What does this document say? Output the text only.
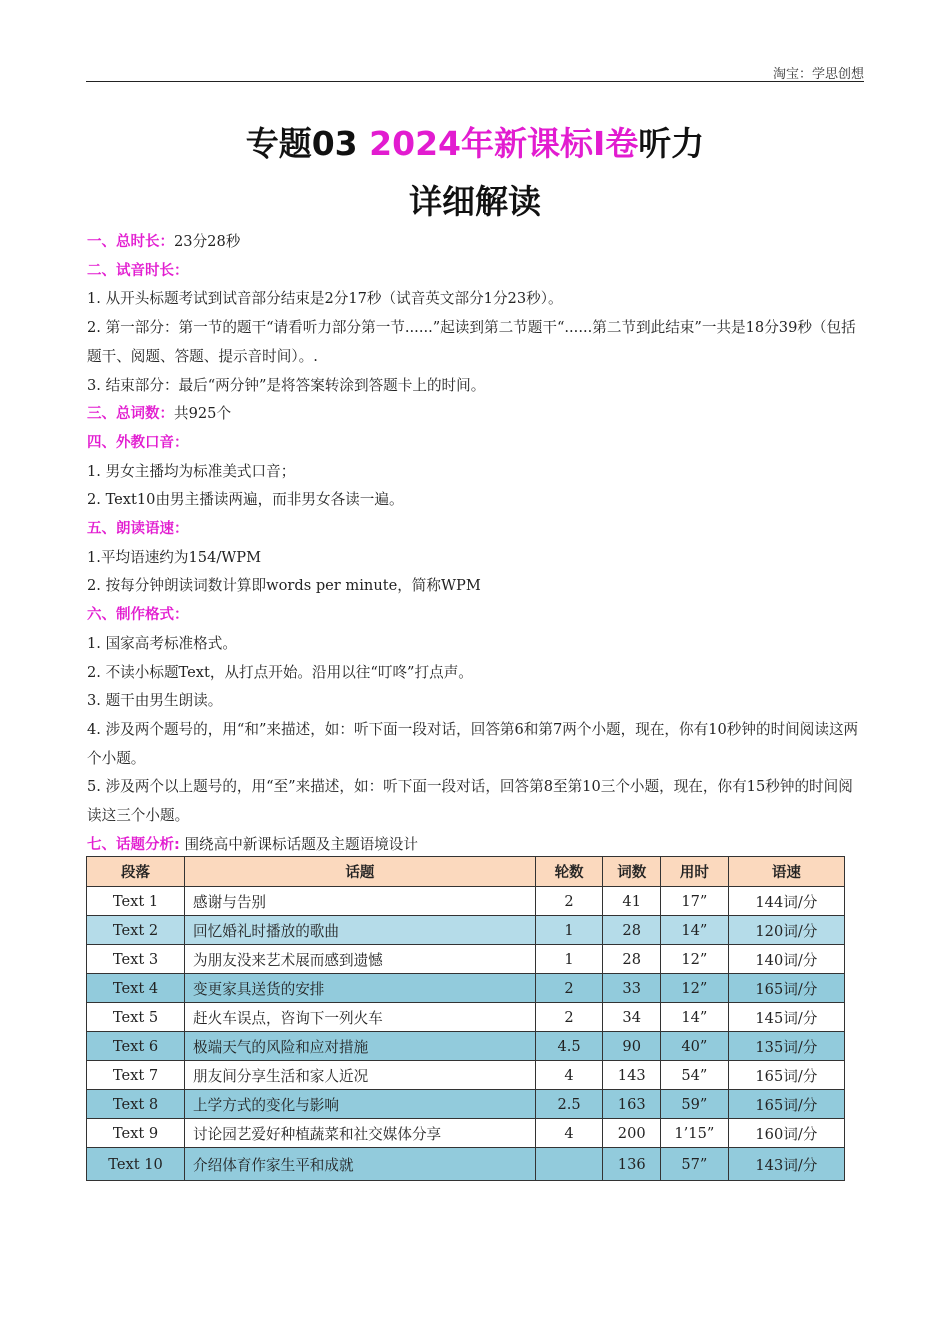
淘宝：学思创想
专题03 2024年新课标I卷听力
详细解读

一、总时长：23分28秒

二、试音时长：

1. 从开头标题考试到试音部分结束是2分17秒（试音英文部分1分23秒）。

2. 第一部分：第一节的题干“请看听力部分第一节......”起读到第二节题干“......第二节到此结束”一共是18分39秒（包括题干、阅题、答题、提示音时间）。.

3. 结束部分：最后“两分钟”是将答案转涂到答题卡上的时间。

三、总词数：共925个

四、外教口音：

1. 男女主播均为标准美式口音；

2. Text10由男主播读两遍，而非男女各读一遍。

五、朗读语速：

1.平均语速约为154/WPM

2. 按每分钟朗读词数计算即words per minute，简称WPM

六、制作格式：

1. 国家高考标准格式。

2. 不读小标题Text，从打点开始。沿用以往“叮咚”打点声。

3. 题干由男生朗读。

4. 涉及两个题号的，用“和”来描述，如：听下面一段对话，回答第6和第7两个小题，现在，你有10秒钟的时间阅读这两个小题。

5. 涉及两个以上题号的，用“至”来描述，如：听下面一段对话，回答第8至第10三个小题，现在，你有15秒钟的时间阅读这三个小题。

七、话题分析: 围绕高中新课标话题及主题语境设计

段落	话题	轮数	词数	用时	语速
Text 1	感谢与告别	2	41	17”	144词/分
Text 2	回忆婚礼时播放的歌曲	1	28	14”	120词/分
Text 3	为朋友没来艺术展而感到遗憾	1	28	12”	140词/分
Text 4	变更家具送货的安排	2	33	12”	165词/分
Text 5	赶火车误点，咨询下一列火车	2	34	14”	145词/分
Text 6	极端天气的风险和应对措施	4.5	90	40”	135词/分
Text 7	朋友间分享生活和家人近况	4	143	54”	165词/分
Text 8	上学方式的变化与影响	2.5	163	59”	165词/分
Text 9	讨论园艺爱好种植蔬菜和社交媒体分享	4	200	1’15”	160词/分
Text 10	介绍体育作家生平和成就		136	57”	143词/分
